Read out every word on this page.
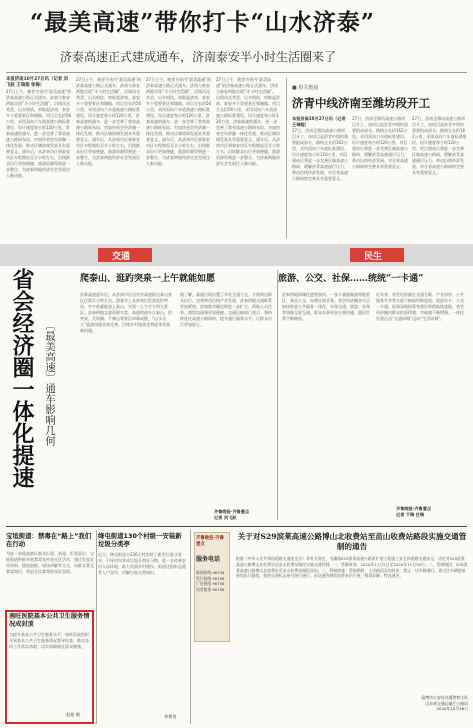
“最美高速”带你打卡“山水济泰”
济泰高速正式建成通车，济南泰安半小时生活圈来了
本报济南10月27日讯（记者 刘飞跃 王瑞超 张梅）

27日上午，被誉为省内“最美高速”的济泰高速公路正式通车，济南与泰安两地实现“半小时生活圈”，沿线风光秀美，山水相依，串联起济南、泰安多个重要景区和城镇。项目全长约56公里，采用双向六车道高速公路标准建设，设计速度每小时120公里。济泰高速的通车，进一步完善了我省高速公路网布局，对加快省会经济圈一体化发展、推动区域协调发展具有重要意义。通车后，从济南市区到泰安市区车程缩短至半小时左右，沿线群众出行更加便捷，旅游资源得到进一步整合，为济泰两地经济社会发展注入新动能。

27日上午，被誉为省内“最美高速”的济泰高速公路正式通车，济南与泰安两地实现“半小时生活圈”，沿线风光秀美，山水相依，串联起济南、泰安多个重要景区和城镇。项目全长约56公里，采用双向六车道高速公路标准建设，设计速度每小时120公里。济泰高速的通车，进一步完善了我省高速公路网布局，对加快省会经济圈一体化发展、推动区域协调发展具有重要意义。通车后，从济南市区到泰安市区车程缩短至半小时左右，沿线群众出行更加便捷，旅游资源得到进一步整合，为济泰两地经济社会发展注入新动能。

27日上午，被誉为省内“最美高速”的济泰高速公路正式通车，济南与泰安两地实现“半小时生活圈”，沿线风光秀美，山水相依，串联起济南、泰安多个重要景区和城镇。项目全长约56公里，采用双向六车道高速公路标准建设，设计速度每小时120公里。济泰高速的通车，进一步完善了我省高速公路网布局，对加快省会经济圈一体化发展、推动区域协调发展具有重要意义。通车后，从济南市区到泰安市区车程缩短至半小时左右，沿线群众出行更加便捷，旅游资源得到进一步整合，为济泰两地经济社会发展注入新动能。

27日上午，被誉为省内“最美高速”的济泰高速公路正式通车，济南与泰安两地实现“半小时生活圈”，沿线风光秀美，山水相依，串联起济南、泰安多个重要景区和城镇。项目全长约56公里，采用双向六车道高速公路标准建设，设计速度每小时120公里。济泰高速的通车，进一步完善了我省高速公路网布局，对加快省会经济圈一体化发展、推动区域协调发展具有重要意义。通车后，从济南市区到泰安市区车程缩短至半小时左右，沿线群众出行更加便捷，旅游资源得到进一步整合，为济泰两地经济社会发展注入新动能。

■ 相关链接
济青中线济南至潍坊段开工
本报济南10月27日讯（记者 王瑞超）

27日，济南至潍坊高速公路项目开工，该项目是济青中线的重要组成部分，路线全长约162公里，采用双向六车道标准建设，设计速度每小时120公里。项目建成后将进一步完善区域高速公路网，缓解济青高速通行压力，带动沿线经济发展，对全省高速公路网络完善具有重要意义。

27日，济南至潍坊高速公路项目开工，该项目是济青中线的重要组成部分，路线全长约162公里，采用双向六车道标准建设，设计速度每小时120公里。项目建成后将进一步完善区域高速公路网，缓解济青高速通行压力，带动沿线经济发展，对全省高速公路网络完善具有重要意义。

27日，济南至潍坊高速公路项目开工，该项目是济青中线的重要组成部分，路线全长约162公里，采用双向六车道标准建设，设计速度每小时120公里。项目建成后将进一步完善区域高速公路网，缓解济青高速通行压力，带动沿线经济发展，对全省高速公路网络完善具有重要意义。

交通	民生
爬泰山、逛趵突泉一上午就能如愿	旅游、公交、社保……统统“一卡通”
省会经济圈一体化提速 〔最美高速〕通车影响几何

济泰高速通车后，从济南市区出发经高速抵达泰山景区仅需半小时左右。游客早上从济南出发游览趵突泉，中午前就能登上泰山，实现一上午打卡两大景区。济泰两地文旅资源丰富，高速的通车让泰山、趵突泉、大明湖、千佛山等景区串珠成链，“山水圣人”旅游线路更加完善，沿线乡村旅游也将迎来发展新机遇。

据了解，高速沿线设置了多处互通立交，方便周边群众出行，也将带动沿线产业发展。济泰两地交通联系更加紧密，济南都市圈范围进一步扩大，两地人员往来、商贸流通将更加便捷。交通运输部门表示，将持续优化高速公路网络，提升通行服务水平，让群众出行更加舒心。

齐鲁晚报·齐鲁壹点
记者 刘飞跃

济泰两地同城化进程加快，一张卡就能畅游两地景区、乘坐公交、办理社保业务。省会经济圈各市正加快推进公共服务一体化，实现交通、旅游、社保等领域互联互通，群众办事更加方便快捷，惠民红利不断释放。

近年来，省会经济圈在交通互联、产业协作、公共服务共享等方面不断取得新进展。旅游年卡、公交一卡通、医保异地结算等便民举措陆续落地，省会经济圈内群众的获得感、幸福感不断增强，一体化发展正由“交通同城”迈向“生活同城”。

齐鲁晚报·齐鲁壹点
记者 于瑞 任瑞
宝坻街道：禁毒在“路上”我们在行动

为进一步提高辖区群众识毒、防毒、拒毒意识，宝坻街道积极开展禁毒宣传进社区活动，通过发放宣传资料、摆放展板、现场讲解等方式，向群众普及禁毒知识，营造全民禁毒的良好氛围。

南旺医院基本公共卫生服务情况成封顶

为提升基本公共卫生服务水平，南旺医院组织开展基本公共卫生服务情况督导检查，推动各项工作落实落细，切实保障辖区群众健康。

赵超 摄
绛屯街道130个村级一安装新垃圾分类亭

近日，绛屯街道为130个村安装了新型垃圾分类亭，引导村民养成垃圾分类好习惯，进一步改善农村人居环境，助力美丽乡村建设。街道还组织志愿者入户宣传，讲解垃圾分类知识。

李赛男
齐鲁晚报·齐鲁壹点
服务电话
新闻热线 96706
发行热线 96706
广告热线 96706
读者服务 96706
关于对S29滨莱高速公路博山北收费站至苗山收费站路段实施交通管制的通告

根据《中华人民共和国道路交通安全法》等有关规定，为确保S29滨莱高速公路改扩建工程施工安全和道路交通安全，决定对S29滨莱高速公路博山北收费站至苗山收费站路段实施交通管制。一、管制时间：2020年11月2日至2020年11月30日。二、管制路段：S29滨莱高速公路博山北收费站至苗山收费站路段双向。三、管制措施：管制期间，上述路段双向封闭，禁止一切车辆通行。请过往车辆提前规划出行路线，按照交通标志指引绕行通行。因交通管制给您带来的不便，敬请谅解。特此通告。

淄博市公安局交通警察支队
山东省交通运输厅公路局
2020年10月26日
